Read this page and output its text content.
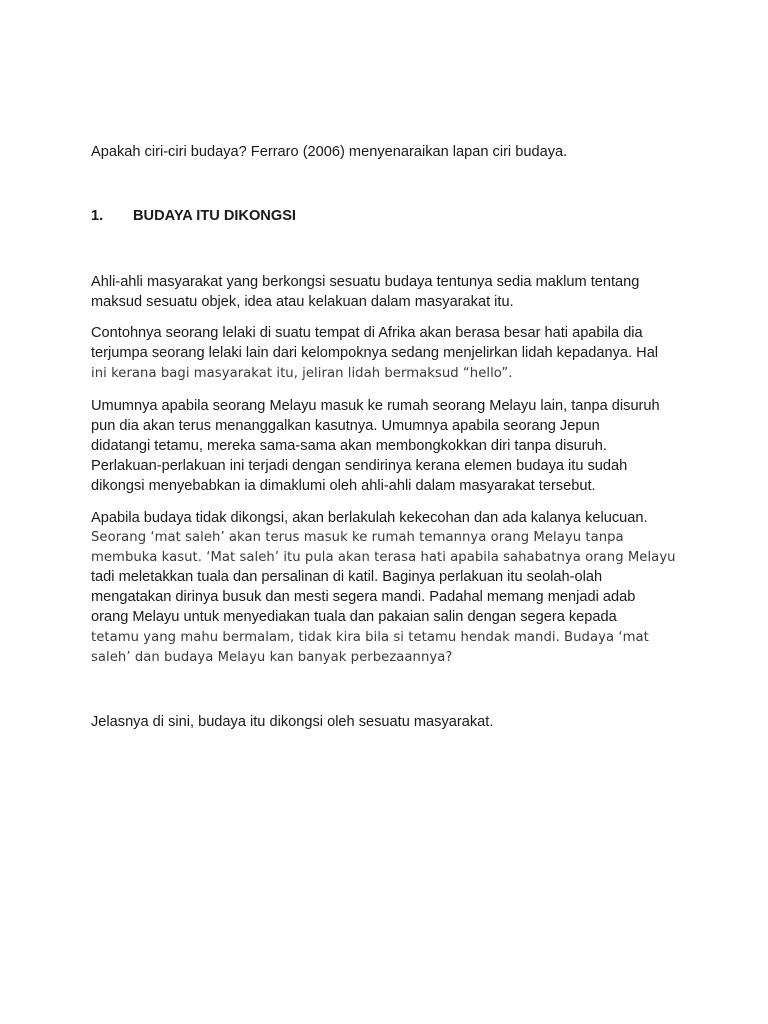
Apakah ciri-ciri budaya? Ferraro (2006) menyenaraikan lapan ciri budaya.
1. BUDAYA ITU DIKONGSI
Ahli-ahli masyarakat yang berkongsi sesuatu budaya tentunya sedia maklum tentang
maksud sesuatu objek, idea atau kelakuan dalam masyarakat itu.
Contohnya seorang lelaki di suatu tempat di Afrika akan berasa besar hati apabila dia
terjumpa seorang lelaki lain dari kelompoknya sedang menjelirkan lidah kepadanya. Hal
ini kerana bagi masyarakat itu, jeliran lidah bermaksud “hello”.
Umumnya apabila seorang Melayu masuk ke rumah seorang Melayu lain, tanpa disuruh
pun dia akan terus menanggalkan kasutnya. Umumnya apabila seorang Jepun
didatangi tetamu, mereka sama-sama akan membongkokkan diri tanpa disuruh.
Perlakuan-perlakuan ini terjadi dengan sendirinya kerana elemen budaya itu sudah
dikongsi menyebabkan ia dimaklumi oleh ahli-ahli dalam masyarakat tersebut.
Apabila budaya tidak dikongsi, akan berlakulah kekecohan dan ada kalanya kelucuan.
Seorang ‘mat saleh’ akan terus masuk ke rumah temannya orang Melayu tanpa
membuka kasut. ‘Mat saleh’ itu pula akan terasa hati apabila sahabatnya orang Melayu
tadi meletakkan tuala dan persalinan di katil. Baginya perlakuan itu seolah-olah
mengatakan dirinya busuk dan mesti segera mandi. Padahal memang menjadi adab
orang Melayu untuk menyediakan tuala dan pakaian salin dengan segera kepada
tetamu yang mahu bermalam, tidak kira bila si tetamu hendak mandi. Budaya ‘mat
saleh’ dan budaya Melayu kan banyak perbezaannya?
Jelasnya di sini, budaya itu dikongsi oleh sesuatu masyarakat.
